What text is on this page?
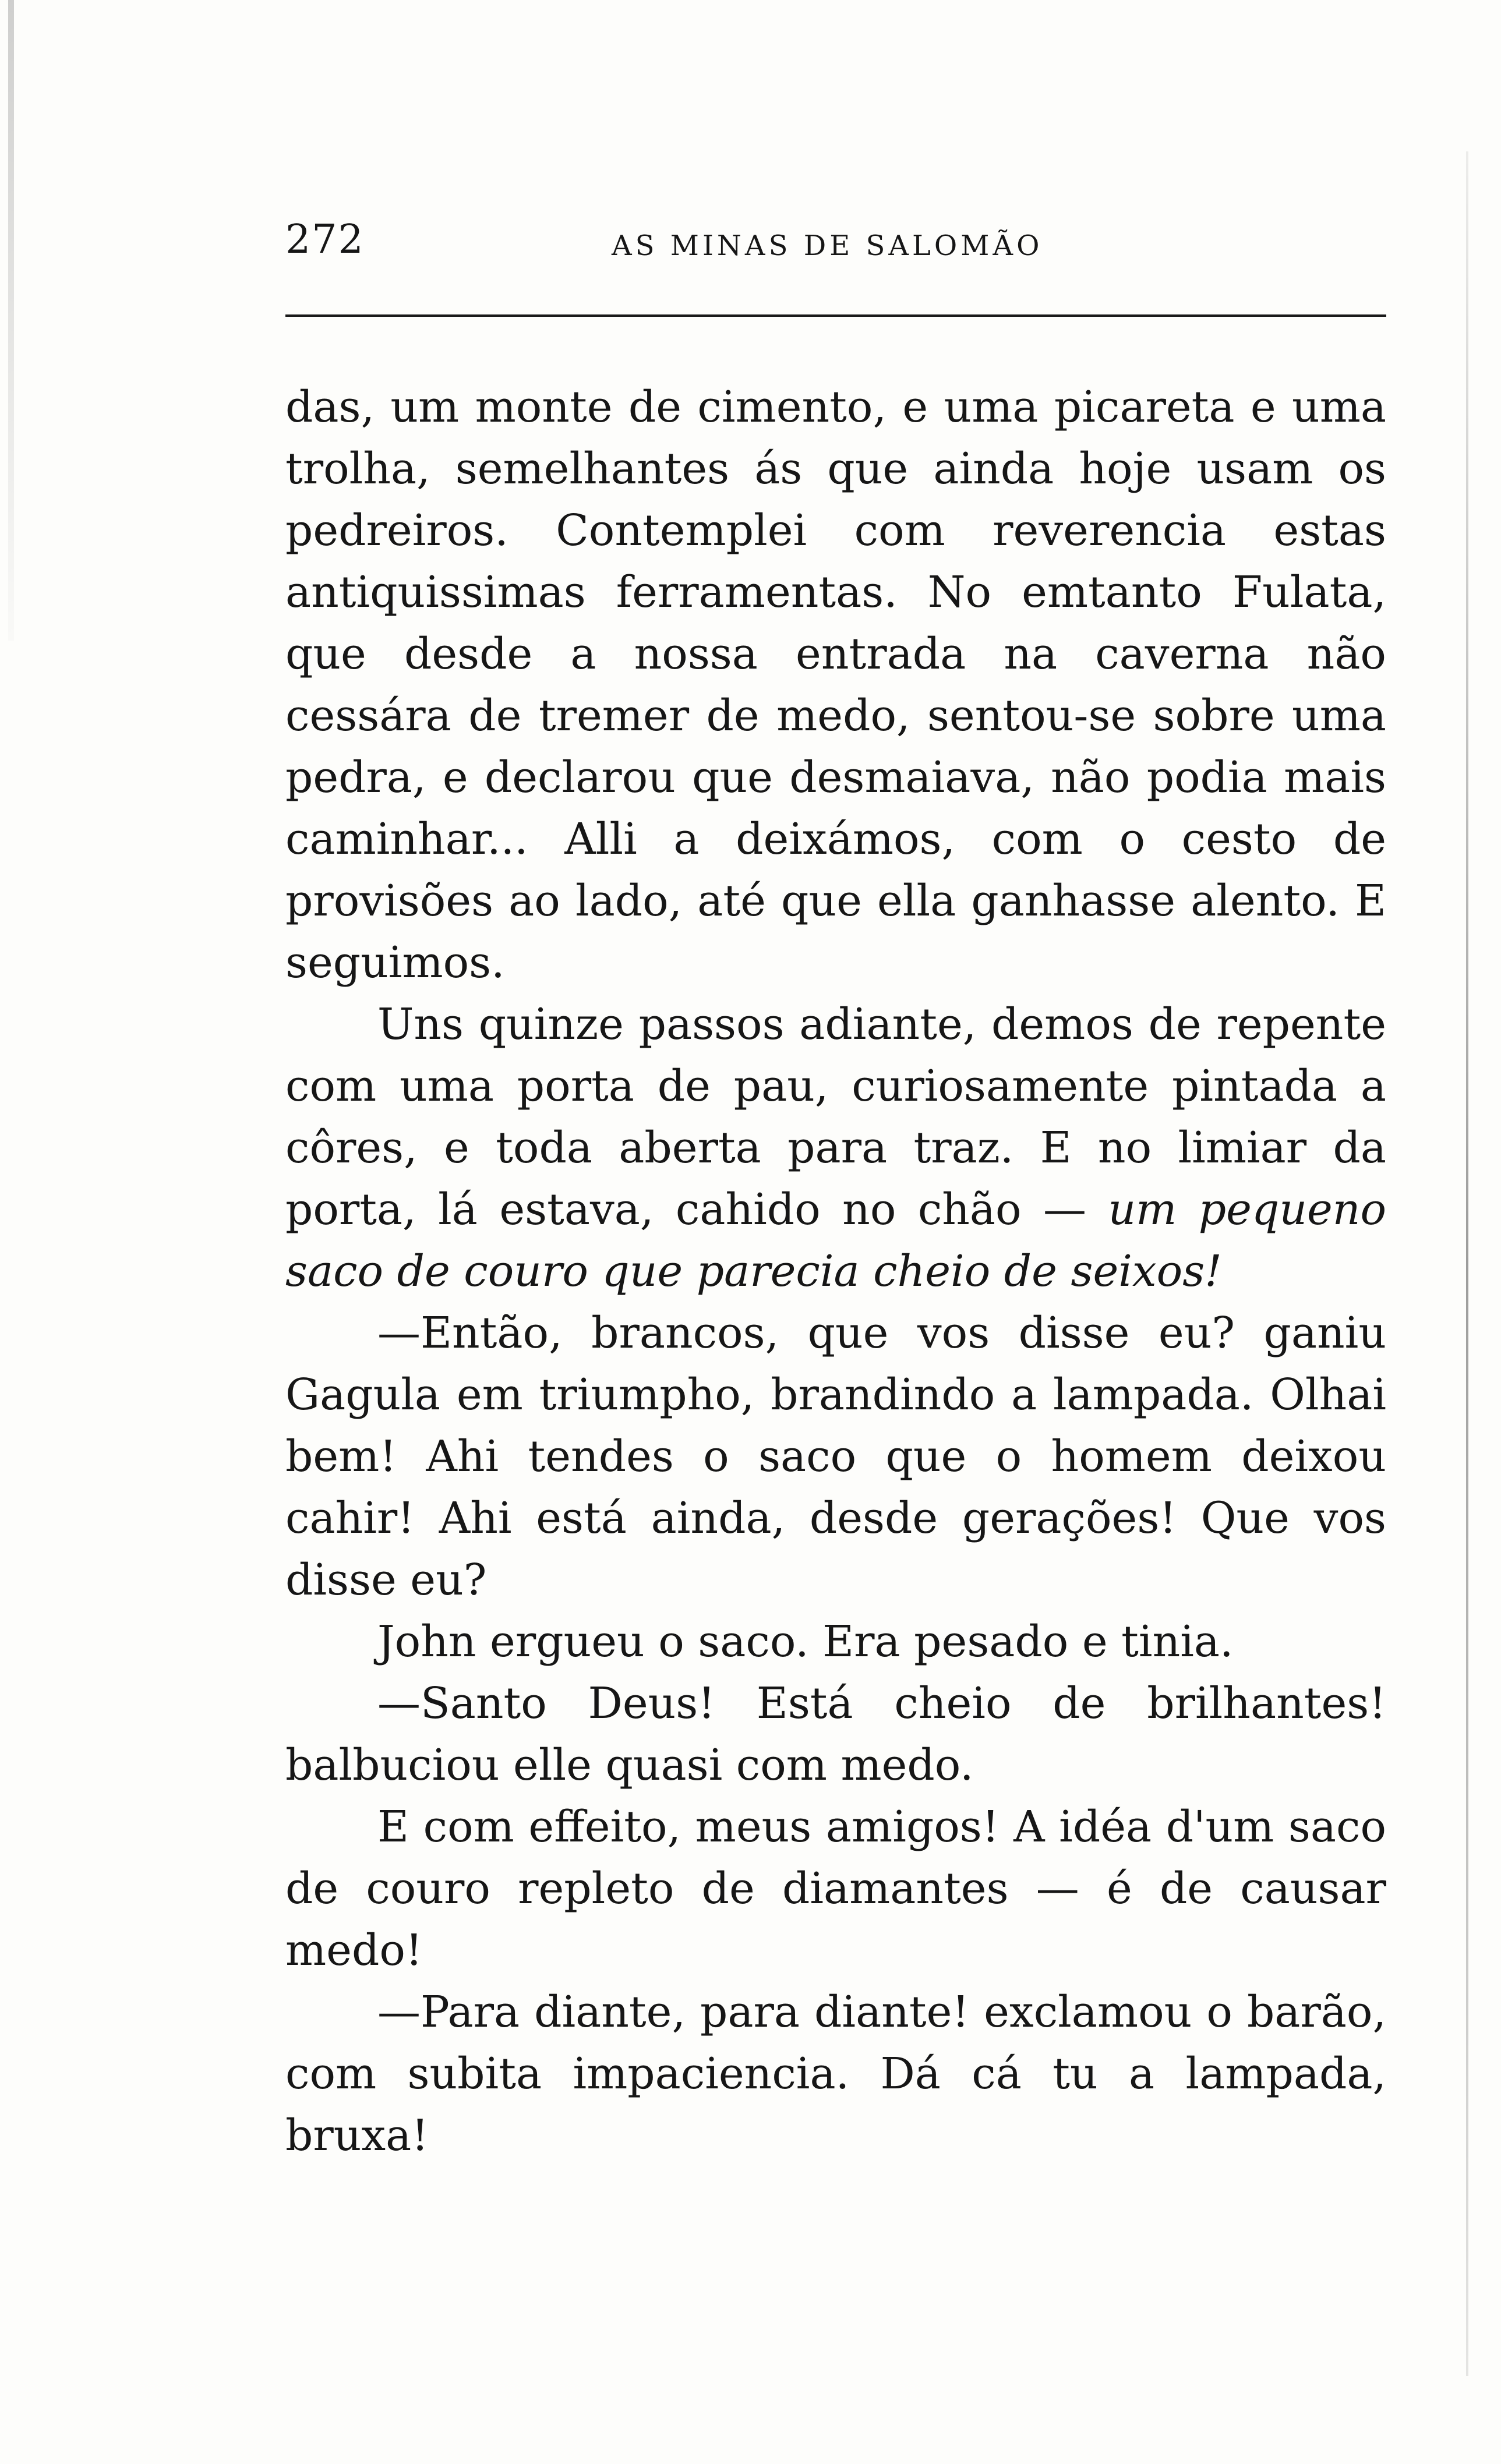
272	AS MINAS DE SALOMÃO

das, um monte de cimento, e uma picareta e uma trolha, semelhantes ás que ainda hoje usam os pedreiros. Contemplei com reverencia estas antiquissimas ferramentas. No emtanto Fulata, que desde a nossa entrada na caverna não cessára de tremer de medo, sentou-se sobre uma pedra, e declarou que desmaiava, não podia mais caminhar... Alli a deixámos, com o cesto de provisões ao lado, até que ella ganhasse alento. E seguimos.

Uns quinze passos adiante, demos de repente com uma porta de pau, curiosamente pintada a côres, e toda aberta para traz. E no limiar da porta, lá estava, cahido no chão — um pequeno saco de couro que parecia cheio de seixos!

—Então, brancos, que vos disse eu? ganiu Gagula em triumpho, brandindo a lampada. Olhai bem! Ahi tendes o saco que o homem deixou cahir! Ahi está ainda, desde gerações! Que vos disse eu?

John ergueu o saco. Era pesado e tinia.

—Santo Deus! Está cheio de brilhantes! balbuciou elle quasi com medo.

E com effeito, meus amigos! A idéa d'um saco de couro repleto de diamantes — é de causar medo!

—Para diante, para diante! exclamou o barão, com subita impaciencia. Dá cá tu a lampada, bruxa!
